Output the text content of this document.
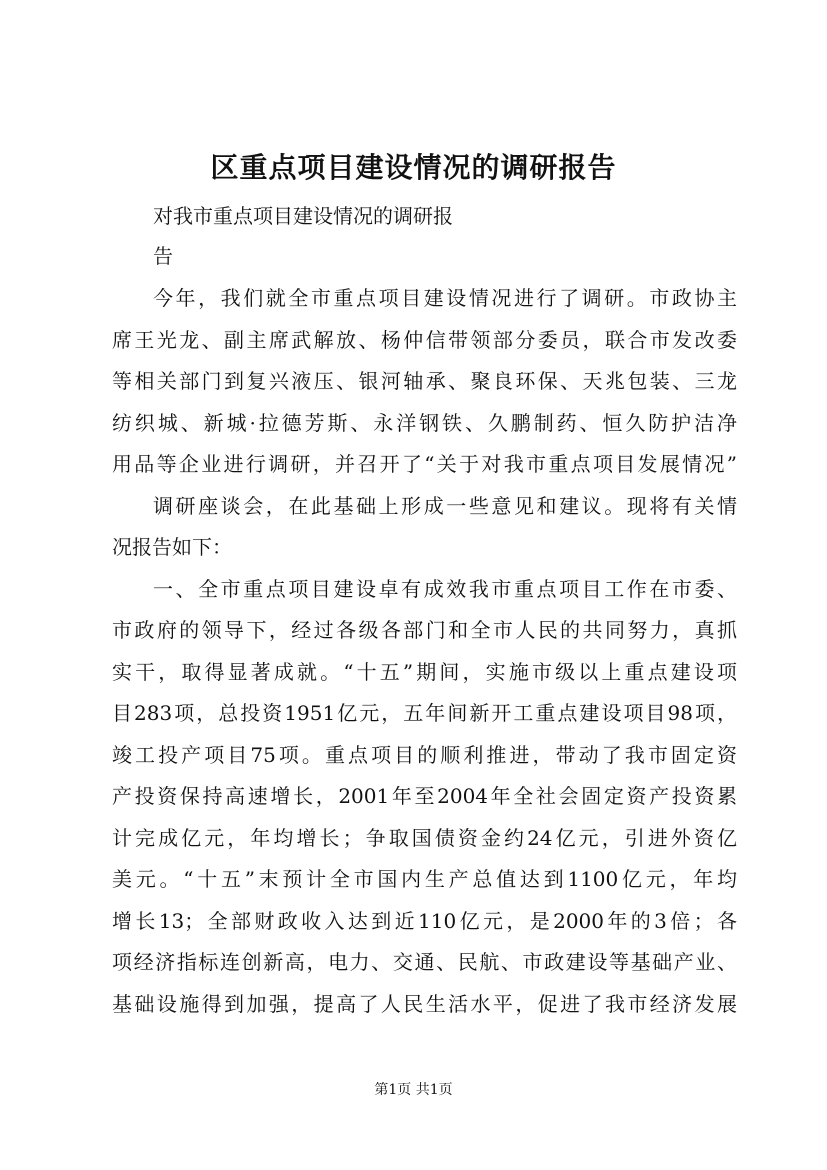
区重点项目建设情况的调研报告
对我市重点项目建设情况的调研报
告
今年，我们就全市重点项目建设情况进行了调研。市政协主
席王光龙、副主席武解放、杨仲信带领部分委员，联合市发改委
等相关部门到复兴液压、银河轴承、聚良环保、天兆包装、三龙
纺织城、新城·拉德芳斯、永洋钢铁、久鹏制药、恒久防护洁净
用品等企业进行调研，并召开了“关于对我市重点项目发展情况”
调研座谈会，在此基础上形成一些意见和建议。现将有关情
况报告如下：
一、全市重点项目建设卓有成效我市重点项目工作在市委、
市政府的领导下，经过各级各部门和全市人民的共同努力，真抓
实干，取得显著成就。“十五”期间，实施市级以上重点建设项
目283项，总投资1951亿元，五年间新开工重点建设项目98项，
竣工投产项目75项。重点项目的顺利推进，带动了我市固定资
产投资保持高速增长，2001年至2004年全社会固定资产投资累
计完成亿元，年均增长；争取国债资金约24亿元，引进外资亿
美元。“十五”末预计全市国内生产总值达到1100亿元，年均
增长13；全部财政收入达到近110亿元，是2000年的3倍；各
项经济指标连创新高，电力、交通、民航、市政建设等基础产业、
基础设施得到加强，提高了人民生活水平，促进了我市经济发展
第1页 共1页
